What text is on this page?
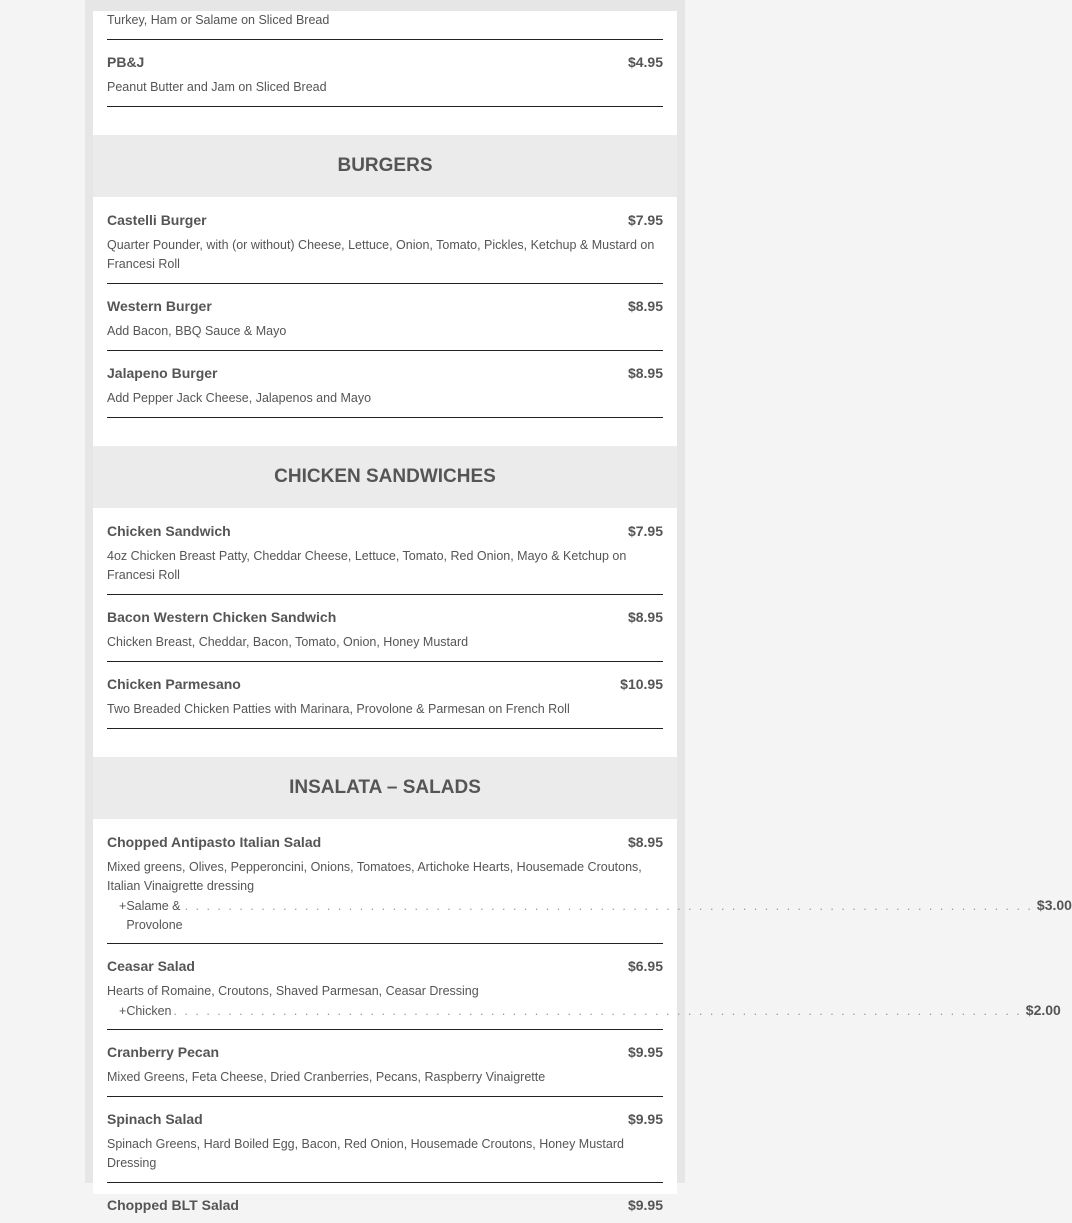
Turkey, Ham or Salame on Sliced Bread
PB&J	$4.95
Peanut Butter and Jam on Sliced Bread
BURGERS
Castelli Burger	$7.95
Quarter Pounder, with (or without) Cheese, Lettuce, Onion, Tomato, Pickles, Ketchup & Mustard on Francesi Roll
Western Burger	$8.95
Add Bacon, BBQ Sauce & Mayo
Jalapeno Burger	$8.95
Add Pepper Jack Cheese, Jalapenos and Mayo
CHICKEN SANDWICHES
Chicken Sandwich	$7.95
4oz Chicken Breast Patty, Cheddar Cheese, Lettuce, Tomato, Red Onion, Mayo & Ketchup on Francesi Roll
Bacon Western Chicken Sandwich	$8.95
Chicken Breast, Cheddar, Bacon, Tomato, Onion, Honey Mustard
Chicken Parmesano	$10.95
Two Breaded Chicken Patties with Marinara, Provolone & Parmesan on French Roll
INSALATA – SALADS
Chopped Antipasto Italian Salad	$8.95
Mixed greens, Olives, Pepperoncini, Onions, Tomatoes, Artichoke Hearts, Housemade Croutons, Italian Vinaigrette dressing
+ Salame & Provolone
. . .
$3.00
Ceasar Salad	$6.95
Hearts of Romaine, Croutons, Shaved Parmesan, Ceasar Dressing
+ Chicken
. . .	$2.00
Cranberry Pecan	$9.95
Mixed Greens, Feta Cheese, Dried Cranberries, Pecans, Raspberry Vinaigrette
Spinach Salad	$9.95
Spinach Greens, Hard Boiled Egg, Bacon, Red Onion, Housemade Croutons, Honey Mustard Dressing
Chopped BLT Salad	$9.95
